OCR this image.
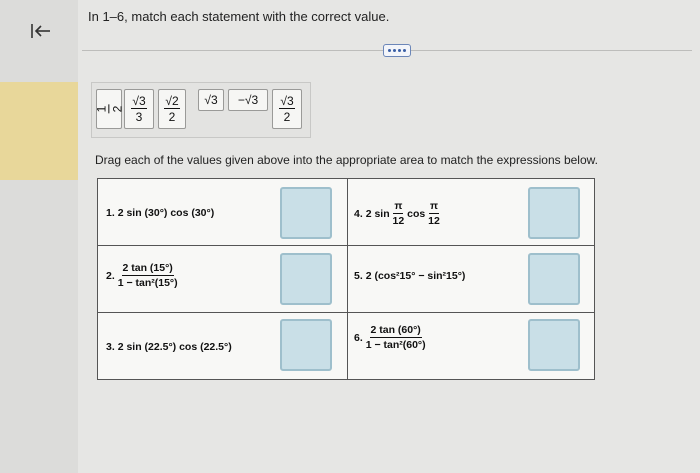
In 1–6, match each statement with the correct value.
1 $2 \frac{√3}{3} \frac{√2}{2} √3 -√3 \frac{√3}{2}$
Drag each of the values given above into the appropriate area to match the expressions below.
1.
2 sin (30°) cos (30°)	4.
2 sin
$\frac{\pi}{12}$
cos
$\frac{\pi}{12}$
2.
$\frac{2 \tan (15^\circ)}{\text{1 − tan²(15°)}}$	5.
2 (cos²15° − sin²15°)
3.
2 sin (22.5°) cos (22.5°)
6.
$\frac{2 \tan (60^\circ)}{\text{1 − tan²(60°)}}$
